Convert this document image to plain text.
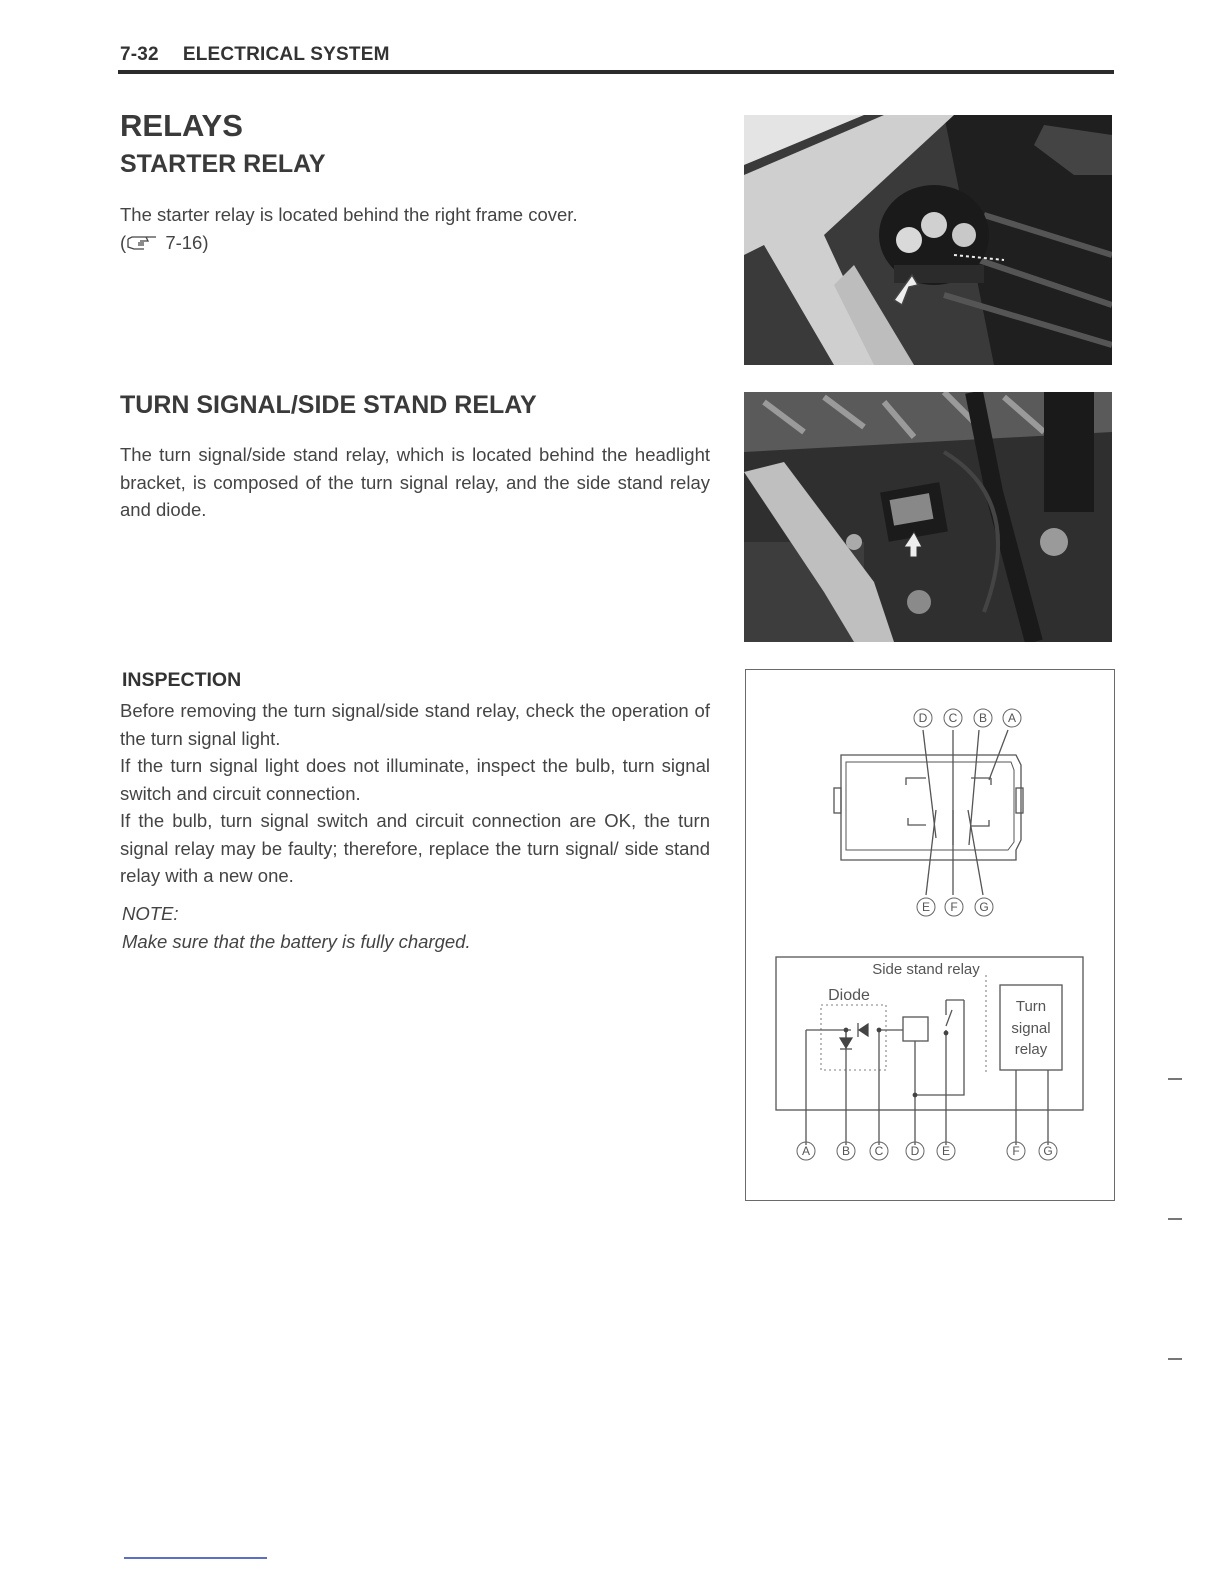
7-32 ELECTRICAL SYSTEM
RELAYS
STARTER RELAY
The starter relay is located behind the right frame cover.
( 7-16)
TURN SIGNAL/SIDE STAND RELAY
The turn signal/side stand relay, which is located behind the headlight bracket, is composed of the turn signal relay, and the side stand relay and diode.
INSPECTION
Before removing the turn signal/side stand relay, check the operation of the turn signal light.
If the turn signal light does not illuminate, inspect the bulb, turn signal switch and circuit connection.
If the bulb, turn signal switch and circuit connection are OK, the turn signal relay may be faulty; therefore, replace the turn signal/ side stand relay with a new one.
NOTE:
Make sure that the battery is fully charged.
Side stand relay
Diode
Turn
signal
relay
D C B A
E F G
A	B C D E	F G
